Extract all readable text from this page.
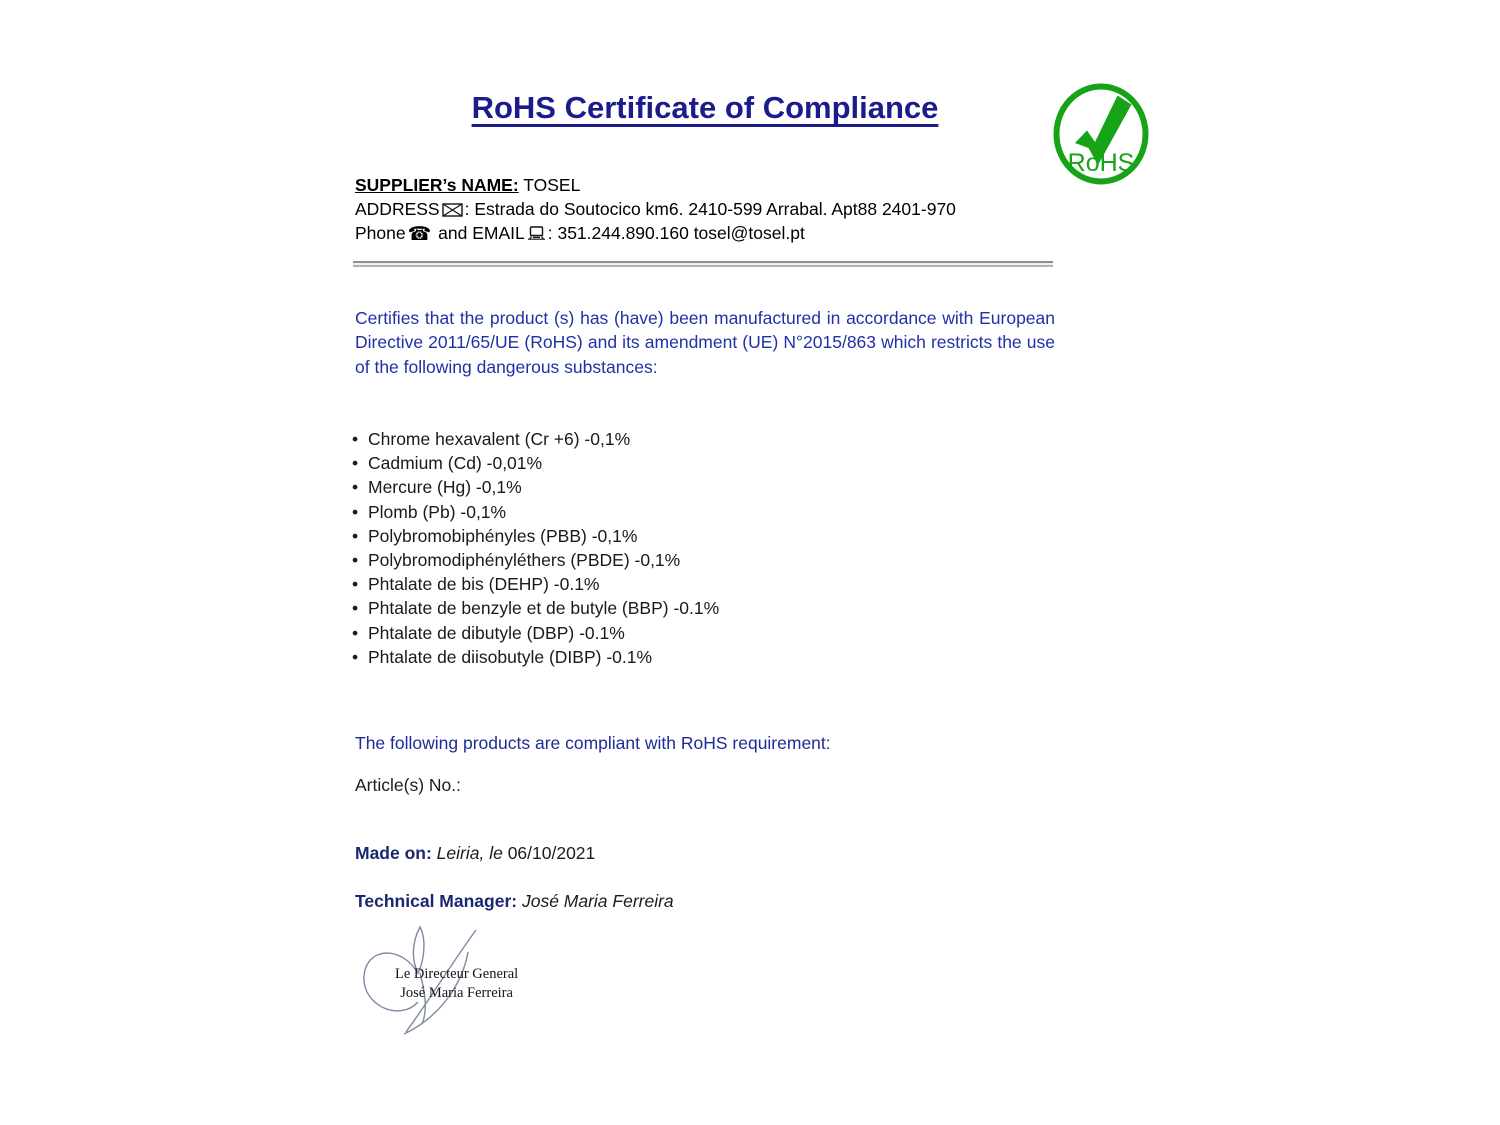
RoHS Certificate of Compliance
RoHS

SUPPLIER’s NAME: TOSEL

ADDRESS : Estrada do Soutocico km6. 2410-599 Arrabal. Apt88 2401-970

Phone ☎ and EMAIL : 351.244.890.160 tosel@tosel.pt

Certifies that the product (s) has (have) been manufactured in accordance with European Directive 2011/65/UE (RoHS) and its amendment (UE) N°2015/863 which restricts the use of the following dangerous substances:

• Chrome hexavalent (Cr +6) -0,1%
• Cadmium (Cd) -0,01%
• Mercure (Hg) -0,1%
• Plomb (Pb) -0,1%
• Polybromobiphényles (PBB) -0,1%
• Polybromodiphényléthers (PBDE) -0,1%
• Phtalate de bis (DEHP) -0.1%
• Phtalate de benzyle et de butyle (BBP) -0.1%
• Phtalate de dibutyle (DBP) -0.1%
• Phtalate de diisobutyle (DIBP) -0.1%

The following products are compliant with RoHS requirement:

Article(s) No.:

Made on: Leiria, le 06/10/2021

Technical Manager: José Maria Ferreira

Le Directeur General
José Maria Ferreira
